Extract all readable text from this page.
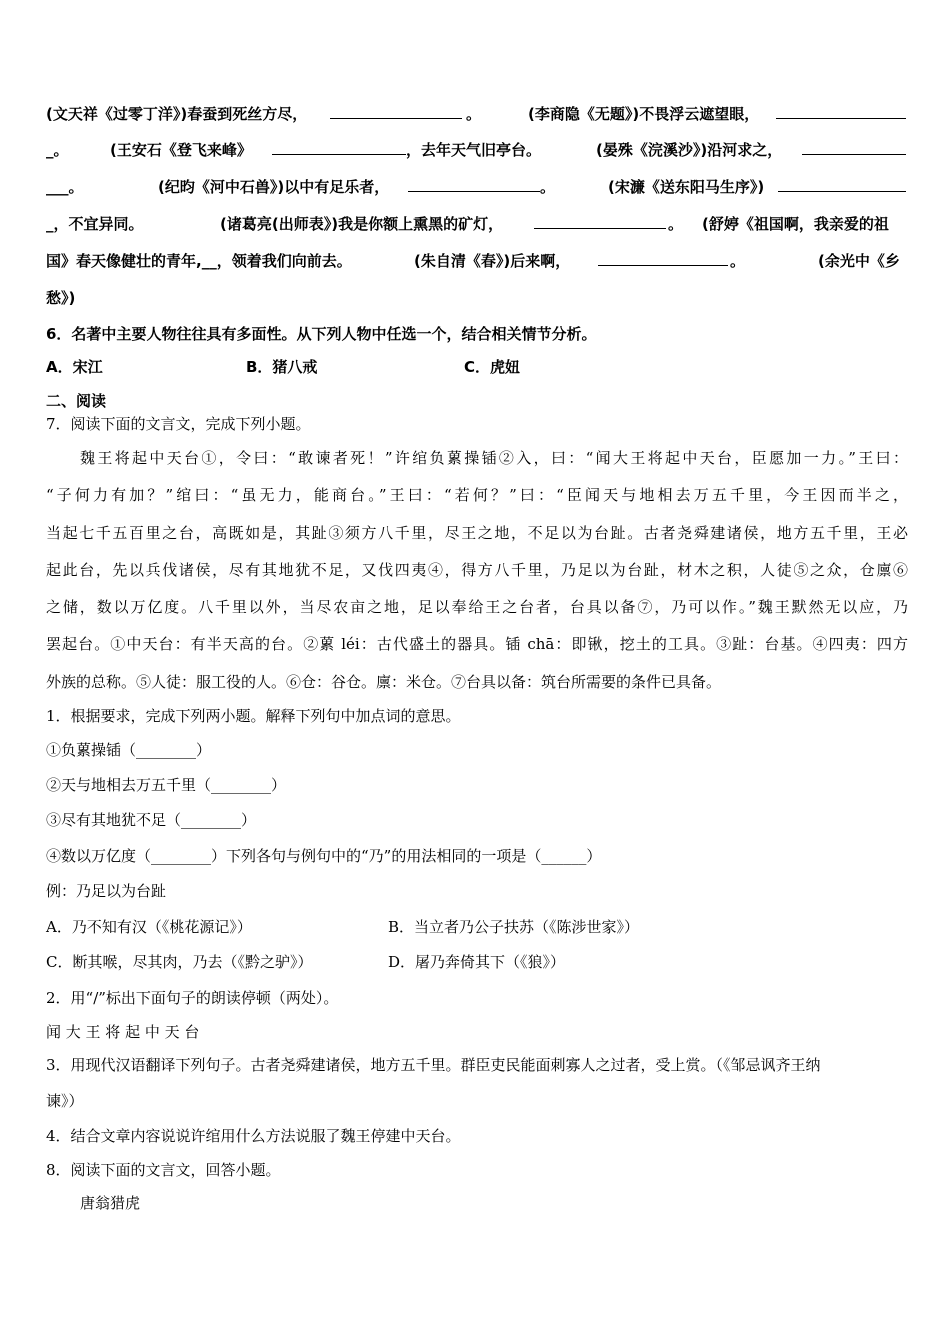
(文天祥《过零丁洋》)春蚕到死丝方尽，	。	(李商隐《无题》)不畏浮云遮望眼，
_。	(王安石《登飞来峰》	，去年天气旧亭台。	(晏殊《浣溪沙》)沿河求之，
___。	(纪昀《河中石兽》)以中有足乐者，	。	(宋濂《送东阳马生序》)
_，不宜异同。	(诸葛亮(出师表》)我是你额上熏黑的矿灯，	。 (舒婷《祖国啊，我亲爱的祖
国》春天像健壮的青年,__，领着我们向前去。	(朱自清《春》)后来啊，	。	(余光中《乡
愁》)
6．名著中主要人物往往具有多面性。从下列人物中任选一个，结合相关情节分析。
A．宋江	B．猪八戒	C．虎妞
二、阅读
7．阅读下面的文言文，完成下列小题。
魏王将起中天台①，令曰：“敢谏者死！”许绾负蔂操锸②入，曰：“闻大王将起中天台，臣愿加一力。”王曰：
“子何力有加？”绾曰：“虽无力，能商台。”王曰：“若何？”曰：“臣闻天与地相去万五千里，今王因而半之，
当起七千五百里之台，高既如是，其趾③须方八千里，尽王之地，不足以为台趾。古者尧舜建诸侯，地方五千里，王必
起此台，先以兵伐诸侯，尽有其地犹不足，又伐四夷④，得方八千里，乃足以为台趾，材木之积，人徒⑤之众，仓廪⑥
之储，数以万亿度。八千里以外，当尽农亩之地，足以奉给王之台者，台具以备⑦，乃可以作。”魏王默然无以应，乃
罢起台。①中天台：有半天高的台。②蔂 léi：古代盛土的器具。锸 chā：即锹，挖土的工具。③趾：台基。④四夷：四方
外族的总称。⑤人徒：服工役的人。⑥仓：谷仓。廪：米仓。⑦台具以备：筑台所需要的条件已具备。
1．根据要求，完成下列两小题。解释下列句中加点词的意思。
①负蔂操锸（________）
②天与地相去万五千里（________）
③尽有其地犹不足（________）
④数以万亿度（________）下列各句与例句中的“乃”的用法相同的一项是（______）
例：乃足以为台趾
A．乃不知有汉（《桃花源记》）	B．当立者乃公子扶苏（《陈涉世家》）
C．断其喉，尽其肉，乃去（《黔之驴》）	D．屠乃奔倚其下（《狼》）
2．用“/”标出下面句子的朗读停顿（两处）。
闻 大 王 将 起 中 天 台
3．用现代汉语翻译下列句子。古者尧舜建诸侯，地方五千里。群臣吏民能面刺寡人之过者，受上赏。（《邹忌讽齐王纳
谏》）
4．结合文章内容说说许绾用什么方法说服了魏王停建中天台。
8．阅读下面的文言文，回答小题。
唐翁猎虎
